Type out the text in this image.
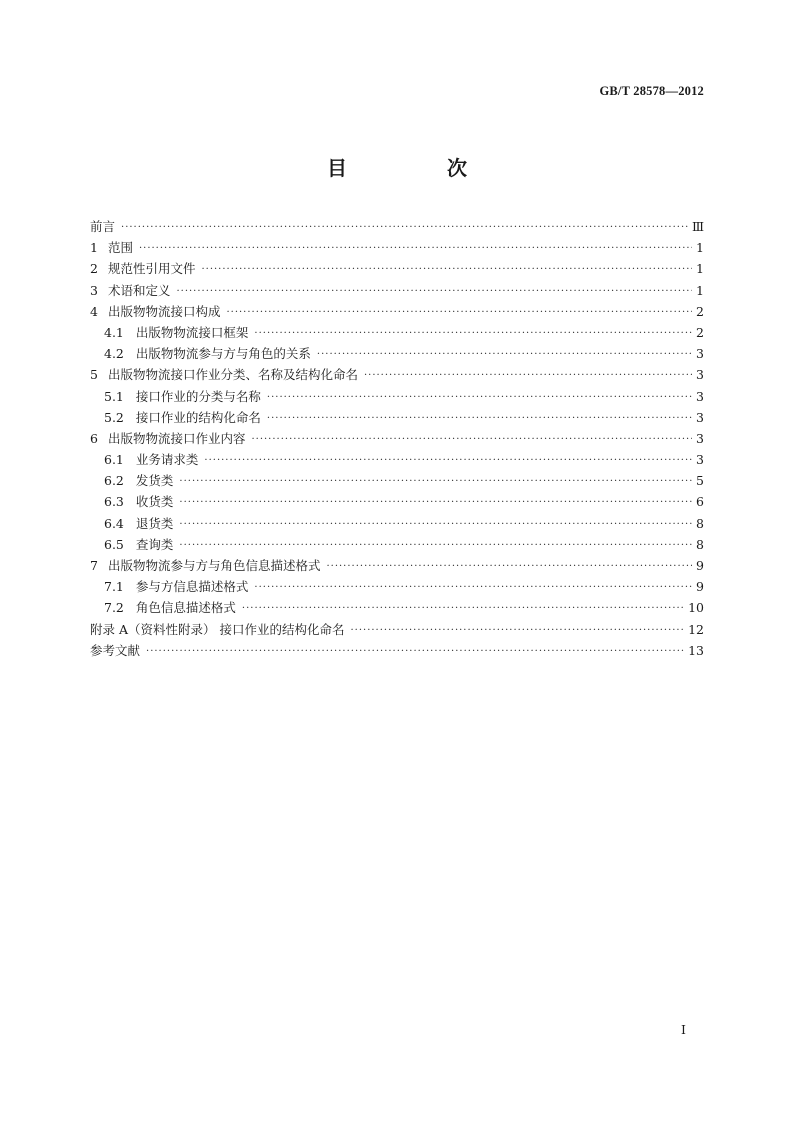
GB/T 28578—2012
目　次
前言 ·····	Ⅲ
1 范围 ·····	1
2 规范性引用文件 ·····	1
3 术语和定义 ·····	1
4 出版物物流接口构成 ·····	2
4.1 出版物物流接口框架 ·····	2
4.2 出版物物流参与方与角色的关系 ·····	3
5 出版物物流接口作业分类、名称及结构化命名 ·····	3
5.1 接口作业的分类与名称 ·····	3
5.2 接口作业的结构化命名 ·····	3
6 出版物物流接口作业内容 ·····	3
6.1 业务请求类 ·····	3
6.2 发货类 ·····	5
6.3 收货类 ·····	6
6.4 退货类 ·····	8
6.5 查询类 ·····	8
7 出版物物流参与方与角色信息描述格式 ·····	9
7.1 参与方信息描述格式 ·····	9
7.2 角色信息描述格式 ·····	10
附录 A（资料性附录） 接口作业的结构化命名 ·····	12
参考文献 ·····	13
I
